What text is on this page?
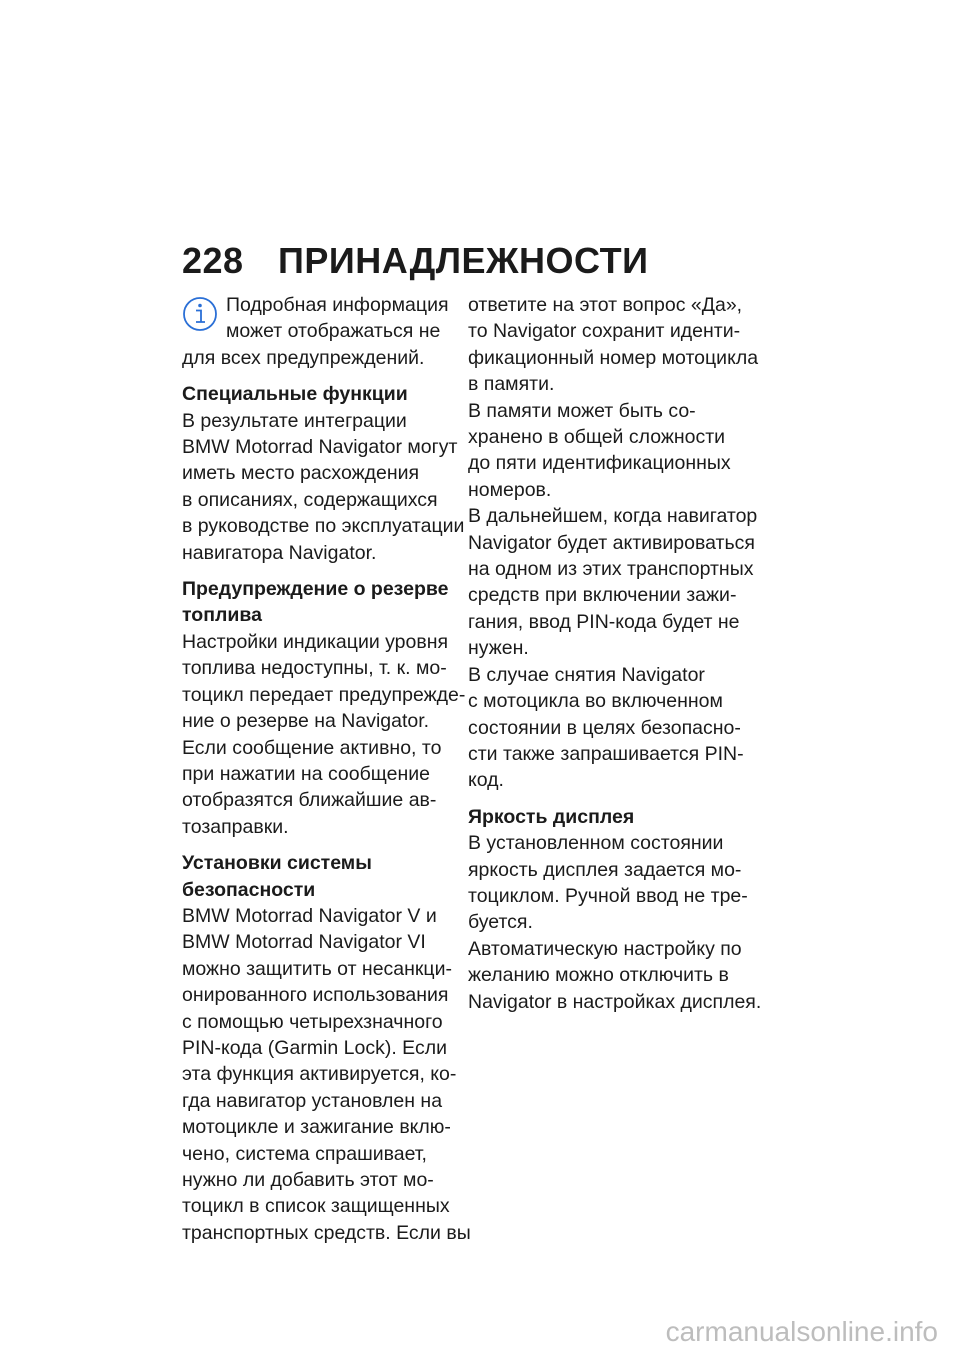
228 ПРИНАДЛЕЖНОСТИ

Подробная информация

может отображаться не

для всех предупреждений.

Специальные функции

В результате интеграции

BMW Motorrad Navigator могут

иметь место расхождения

в описаниях, содержащихся

в руководстве по эксплуатации

навигатора Navigator.

Предупреждение о резерве
топлива

Настройки индикации уровня

топлива недоступны, т. к. мо-

тоцикл передает предупрежде-

ние о резерве на Navigator.

Если сообщение активно, то

при нажатии на сообщение

отобразятся ближайшие ав-

тозаправки.

Установки системы
безопасности

BMW Motorrad Navigator V и

BMW Motorrad Navigator VI

можно защитить от несанкци-

онированного использования

с помощью четырехзначного

PIN-кода (Garmin Lock). Если

эта функция активируется, ко-

гда навигатор установлен на

мотоцикле и зажигание вклю-

чено, система спрашивает,

нужно ли добавить этот мо-

тоцикл в список защищенных

транспортных средств. Если вы

ответите на этот вопрос «Да»,

то Navigator сохранит иденти-

фикационный номер мотоцикла

в памяти.

В памяти может быть со-

хранено в общей сложности

до пяти идентификационных

номеров.

В дальнейшем, когда навигатор

Navigator будет активироваться

на одном из этих транспортных

средств при включении зажи-

гания, ввод PIN-кода будет не

нужен.

В случае снятия Navigator

с мотоцикла во включенном

состоянии в целях безопасно-

сти также запрашивается PIN-

код.

Яркость дисплея

В установленном состоянии

яркость дисплея задается мо-

тоциклом. Ручной ввод не тре-

буется.

Автоматическую настройку по

желанию можно отключить в

Navigator в настройках дисплея.

carmanualsonline.info
